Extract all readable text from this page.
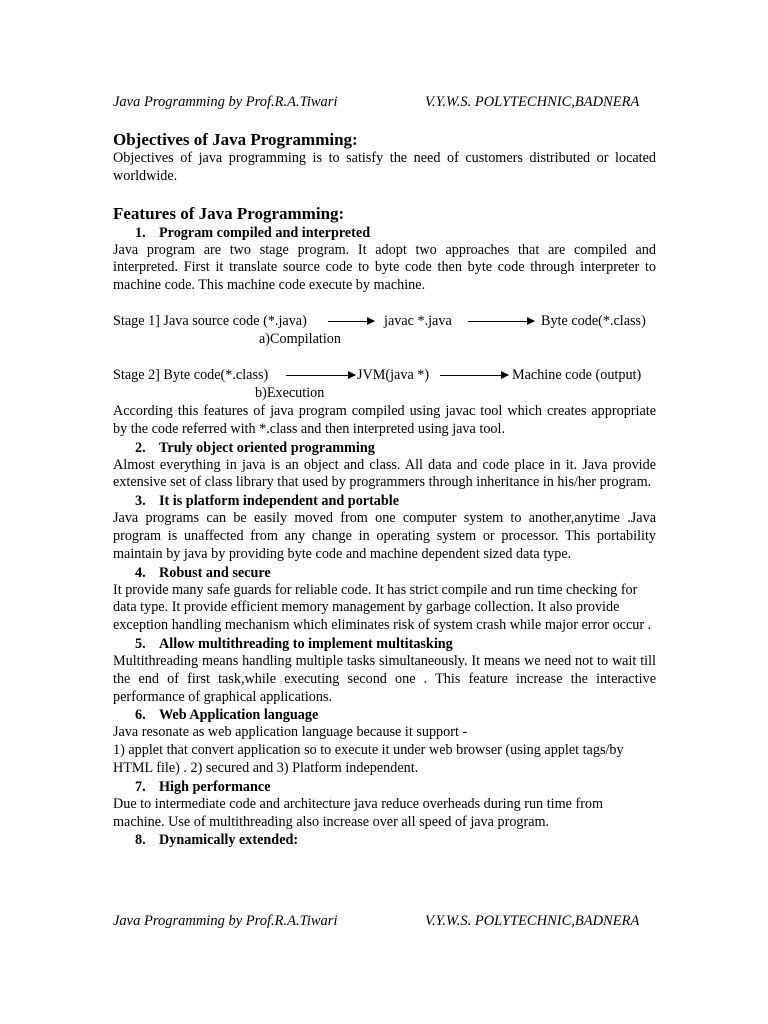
Java Programming by Prof.R.A.Tiwari	V.Y.W.S. POLYTECHNIC,BADNERA
Objectives of Java Programming:

Objectives of java programming is to satisfy the need of customers distributed or located worldwide.

Features of Java Programming:
1. Program compiled and interpreted

Java program are two stage program. It adopt two approaches that are compiled and interpreted. First it translate source code to byte code then byte code through interpreter to machine code. This machine code execute by machine.

Stage 1] Java source code (*.java)	javac *.java	Byte code(*.class)
a)Compilation
Stage 2] Byte code(*.class)	JVM(java *)	Machine code (output)
b)Execution

According this features of java program compiled using javac tool which creates appropriate by the code referred with *.class and then interpreted using java tool.

2. Truly object oriented programming

Almost everything in java is an object and class. All data and code place in it. Java provide extensive set of class library that used by programmers through inheritance in his/her program.

3. It is platform independent and portable

Java programs can be easily moved from one computer system to another,anytime .Java program is unaffected from any change in operating system or processor. This portability maintain by java by providing byte code and machine dependent sized data type.

4. Robust and secure

It provide many safe guards for reliable code. It has strict compile and run time checking for data type. It provide efficient memory management by garbage collection. It also provide exception handling mechanism which eliminates risk of system crash while major error occur .

5. Allow multithreading to implement multitasking

Multithreading means handling multiple tasks simultaneously. It means we need not to wait till the end of first task,while executing second one . This feature increase the interactive performance of graphical applications.

6. Web Application language

Java resonate as web application language because it support -

1) applet that convert application so to execute it under web browser (using applet tags/by HTML file) . 2) secured and 3) Platform independent.

7. High performance

Due to intermediate code and architecture java reduce overheads during run time from machine. Use of multithreading also increase over all speed of java program.

8. Dynamically extended:
Java Programming by Prof.R.A.Tiwari	V.Y.W.S. POLYTECHNIC,BADNERA
